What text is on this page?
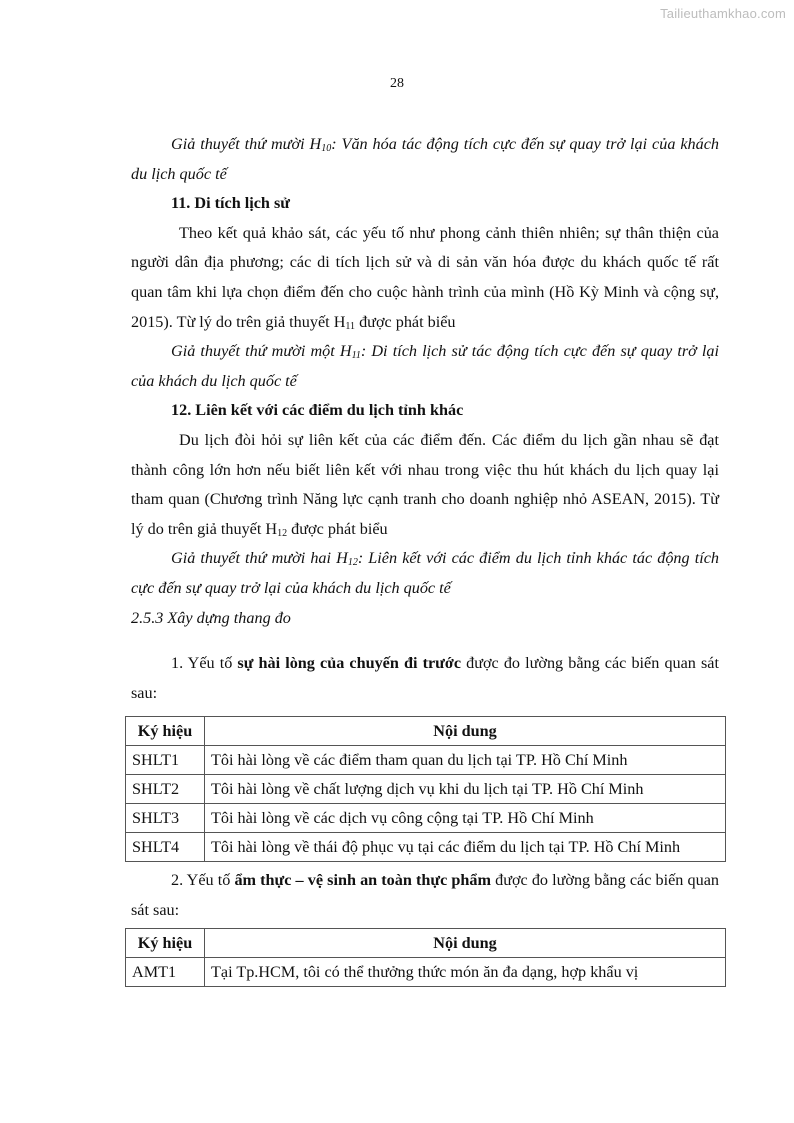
Tailieuthamkhao.com
28

Giả thuyết thứ mười $H_{10}$: Văn hóa tác động tích cực đến sự quay trở lại của khách du lịch quốc tế

11. Di tích lịch sử

Theo kết quả khảo sát, các yếu tố như phong cảnh thiên nhiên; sự thân thiện của người dân địa phương; các di tích lịch sử và di sản văn hóa được du khách quốc tế rất quan tâm khi lựa chọn điểm đến cho cuộc hành trình của mình (Hồ Kỳ Minh và cộng sự, 2015). Từ lý do trên giả thuyết $H_{11}$ được phát biểu

Giả thuyết thứ mười một $H_{11}$: Di tích lịch sử tác động tích cực đến sự quay trở lại của khách du lịch quốc tế

12. Liên kết với các điểm du lịch tỉnh khác

Du lịch đòi hỏi sự liên kết của các điểm đến. Các điểm du lịch gần nhau sẽ đạt thành công lớn hơn nếu biết liên kết với nhau trong việc thu hút khách du lịch quay lại tham quan (Chương trình Năng lực cạnh tranh cho doanh nghiệp nhỏ ASEAN, 2015). Từ lý do trên giả thuyết $H_{12}$ được phát biểu

Giả thuyết thứ mười hai $H_{12}$: Liên kết với các điểm du lịch tỉnh khác tác động tích cực đến sự quay trở lại của khách du lịch quốc tế

2.5.3 Xây dựng thang đo

1. Yếu tố sự hài lòng của chuyến đi trước được đo lường bằng các biến quan sát sau:

Ký hiệu	Nội dung
SHLT1	Tôi hài lòng về các điểm tham quan du lịch tại TP. Hồ Chí Minh
SHLT2	Tôi hài lòng về chất lượng dịch vụ khi du lịch tại TP. Hồ Chí Minh
SHLT3	Tôi hài lòng về các dịch vụ công cộng tại TP. Hồ Chí Minh
SHLT4	Tôi hài lòng về thái độ phục vụ tại các điểm du lịch tại TP. Hồ Chí Minh

2. Yếu tố ẩm thực – vệ sinh an toàn thực phẩm được đo lường bằng các biến quan sát sau:

Ký hiệu	Nội dung
AMT1	Tại Tp.HCM, tôi có thể thưởng thức món ăn đa dạng, hợp khẩu vị
